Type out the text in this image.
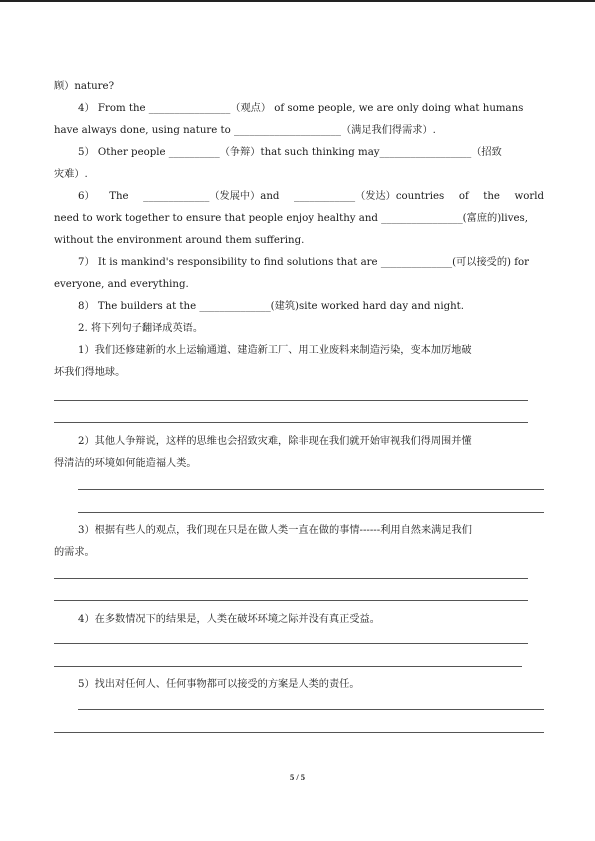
顾）nature?
4） From the ________________（观点） of some people, we are only doing what humans
have always done, using nature to _____________________（满足我们得需求）.
5） Other people __________（争辩）that such thinking may__________________（招致
灾难）.
6） The _____________（发展中）and ____________（发达）countries of the world
need to work together to ensure that people enjoy healthy and ________________(富庶的)lives,
without the environment around them suffering.
7） It is mankind's responsibility to find solutions that are ______________(可以接受的) for
everyone, and everything.
8） The builders at the ______________(建筑)site worked hard day and night.
2. 将下列句子翻译成英语。
1）我们还修建新的水上运输通道、建造新工厂、用工业废料来制造污染，变本加厉地破
坏我们得地球。
2）其他人争辩说，这样的思维也会招致灾难，除非现在我们就开始审视我们得周围并懂
得清洁的环境如何能造福人类。
3）根据有些人的观点，我们现在只是在做人类一直在做的事情------利用自然来满足我们
的需求。
4）在多数情况下的结果是，人类在破坏环境之际并没有真正受益。
5）找出对任何人、任何事物都可以接受的方案是人类的责任。
5 / 5
